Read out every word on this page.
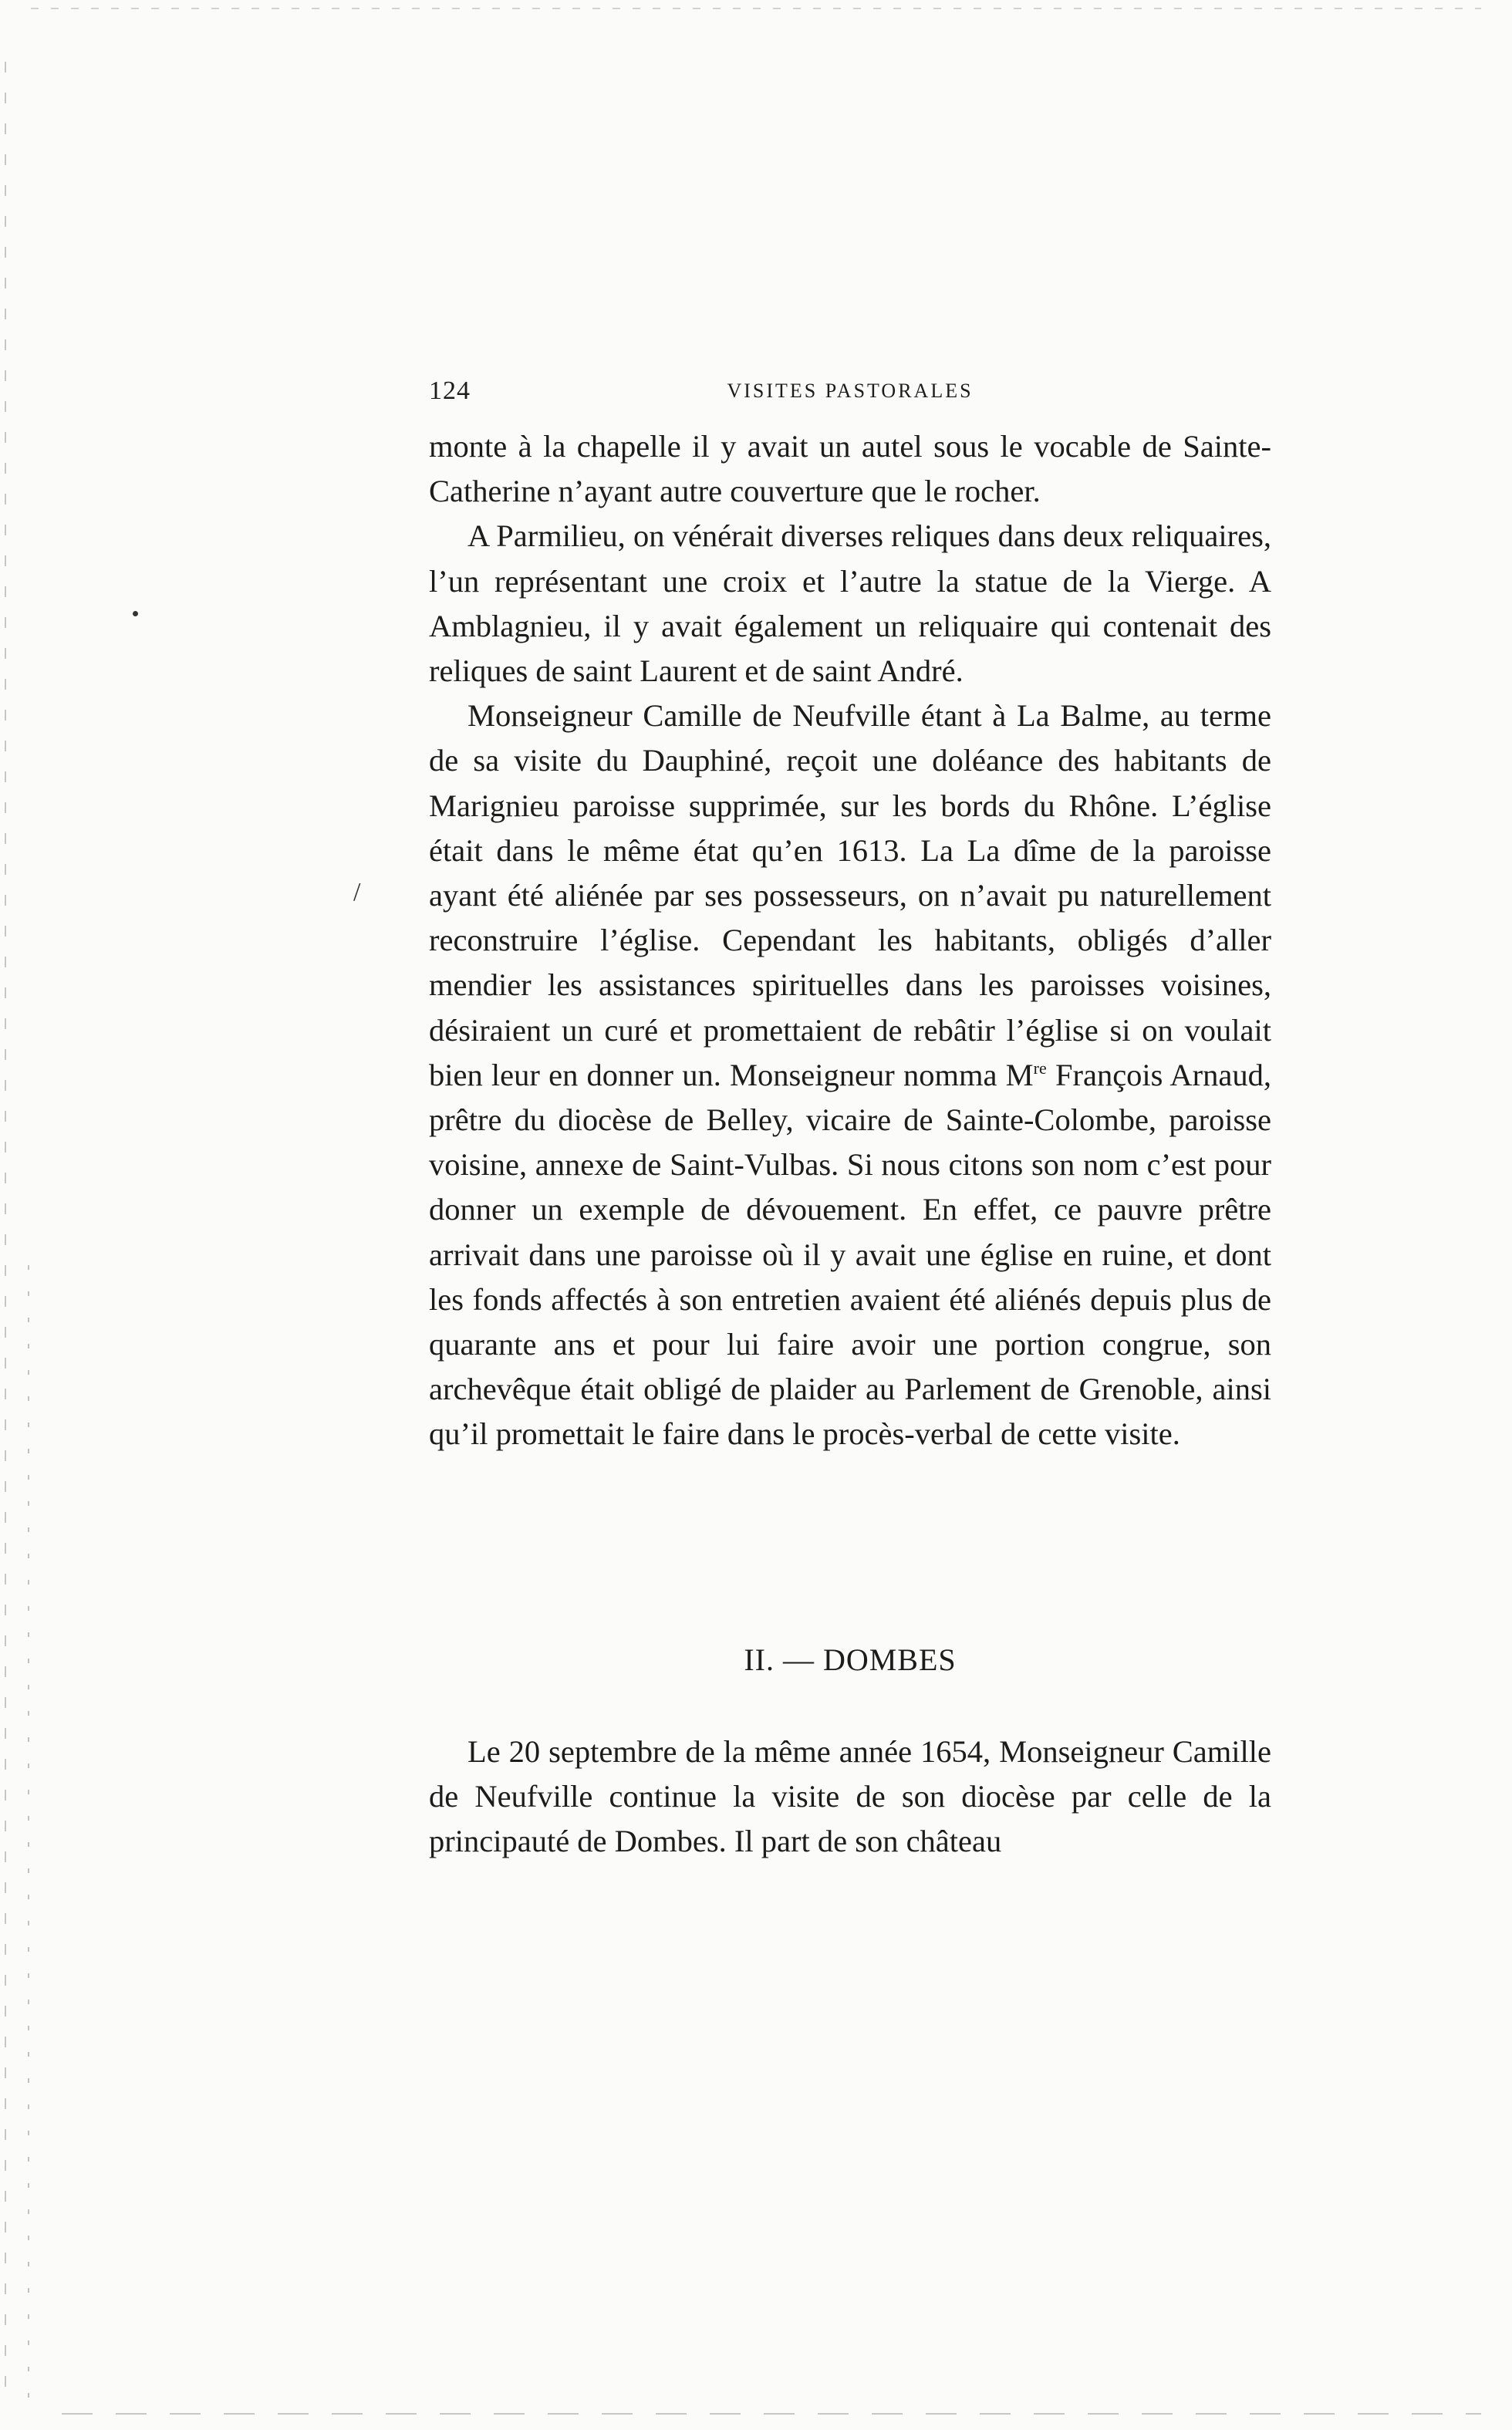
/
124	VISITES PASTORALES

monte à la chapelle il y avait un autel sous le vocable de Sainte-Catherine n’ayant autre couverture que le rocher.

A Parmilieu, on vénérait diverses reliques dans deux reliquaires, l’un représentant une croix et l’autre la statue de la Vierge. A Amblagnieu, il y avait également un reliquaire qui contenait des reliques de saint Laurent et de saint André.

Monseigneur Camille de Neufville étant à La Balme, au terme de sa visite du Dauphiné, reçoit une doléance des habitants de Marignieu paroisse supprimée, sur les bords du Rhône. L’église était dans le même état qu’en 1613. La La dîme de la paroisse ayant été aliénée par ses possesseurs, on n’avait pu naturellement reconstruire l’église. Cependant les habitants, obligés d’aller mendier les assistances spirituelles dans les paroisses voisines, désiraient un curé et promettaient de rebâtir l’église si on voulait bien leur en donner un. Monseigneur nomma Mre François Arnaud, prêtre du diocèse de Belley, vicaire de Sainte-Colombe, paroisse voisine, annexe de Saint-Vulbas. Si nous citons son nom c’est pour donner un exemple de dévouement. En effet, ce pauvre prêtre arrivait dans une paroisse où il y avait une église en ruine, et dont les fonds affectés à son entretien avaient été aliénés depuis plus de quarante ans et pour lui faire avoir une portion congrue, son archevêque était obligé de plaider au Parlement de Grenoble, ainsi qu’il promettait le faire dans le procès-verbal de cette visite.

II. — DOMBES

Le 20 septembre de la même année 1654, Monseigneur Camille de Neufville continue la visite de son diocèse par celle de la principauté de Dombes. Il part de son château
